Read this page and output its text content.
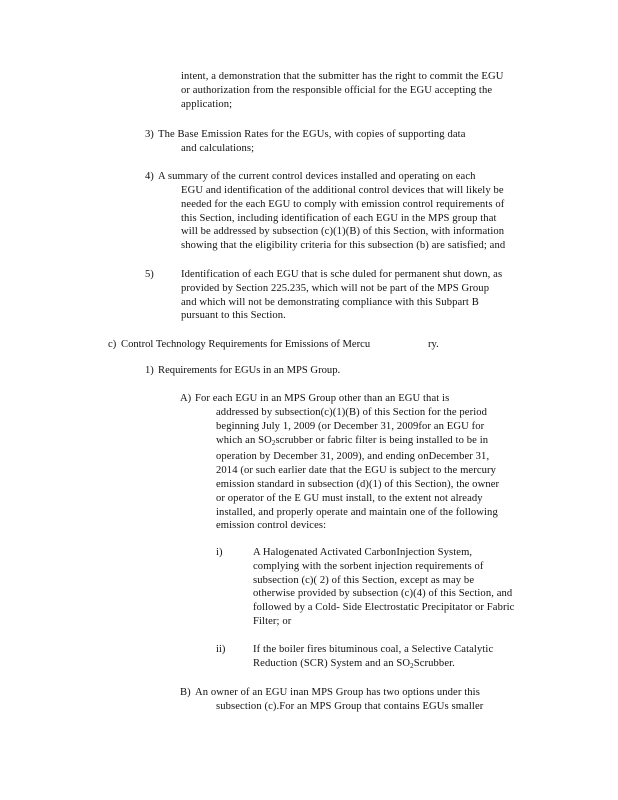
intent, a demonstration that the submitter has the right to commit the EGU
or authorization from the responsible official for the EGU accepting the
application;
3) The Base Emission Rates for the EGUs, with copies of supporting data
and calculations;
4) A summary of the current control devices installed and operating on each
EGU and identification of the additional control devices that will likely be
needed for the each EGU to comply with emission control requirements of
this Section, including identification of each EGU in the MPS group that
will be addressed by subsection (c)(1)(B) of this Section, with information
showing that the eligibility criteria for this subsection (b) are satisfied; and
5)	Identification of each EGU that is sche duled for permanent shut down, as
provided by Section 225.235, which will not be part of the MPS Group
and which will not be demonstrating compliance with this Subpart B
pursuant to this Section.
c) Control Technology Requirements for Emissions of Mercu	ry.
1) Requirements for EGUs in an MPS Group.
A) For each EGU in an MPS Group other than an EGU that is
addressed by subsection(c)(1)(B) of this Section for the period
beginning July 1, 2009 (or December 31, 2009for an EGU for
which an $SO_2scrubber$ or fabric filter is being installed to be in
operation by December 31, 2009), and ending onDecember 31,
2014 (or such earlier date that the EGU is subject to the mercury
emission standard in subsection (d)(1) of this Section), the owner
or operator of the E GU must install, to the extent not already
installed, and properly operate and maintain one of the following
emission control devices:
i)	A Halogenated Activated CarbonInjection System,
complying with the sorbent injection requirements of
subsection (c)( 2) of this Section, except as may be
otherwise provided by subsection (c)(4) of this Section, and
followed by a Cold- Side Electrostatic Precipitator or Fabric
Filter; or
ii)	If the boiler fires bituminous coal, a Selective Catalytic
Reduction (SCR) System and an $SO_2Scrubber$.
B) An owner of an EGU inan MPS Group has two options under this
subsection (c).For an MPS Group that contains EGUs smaller
